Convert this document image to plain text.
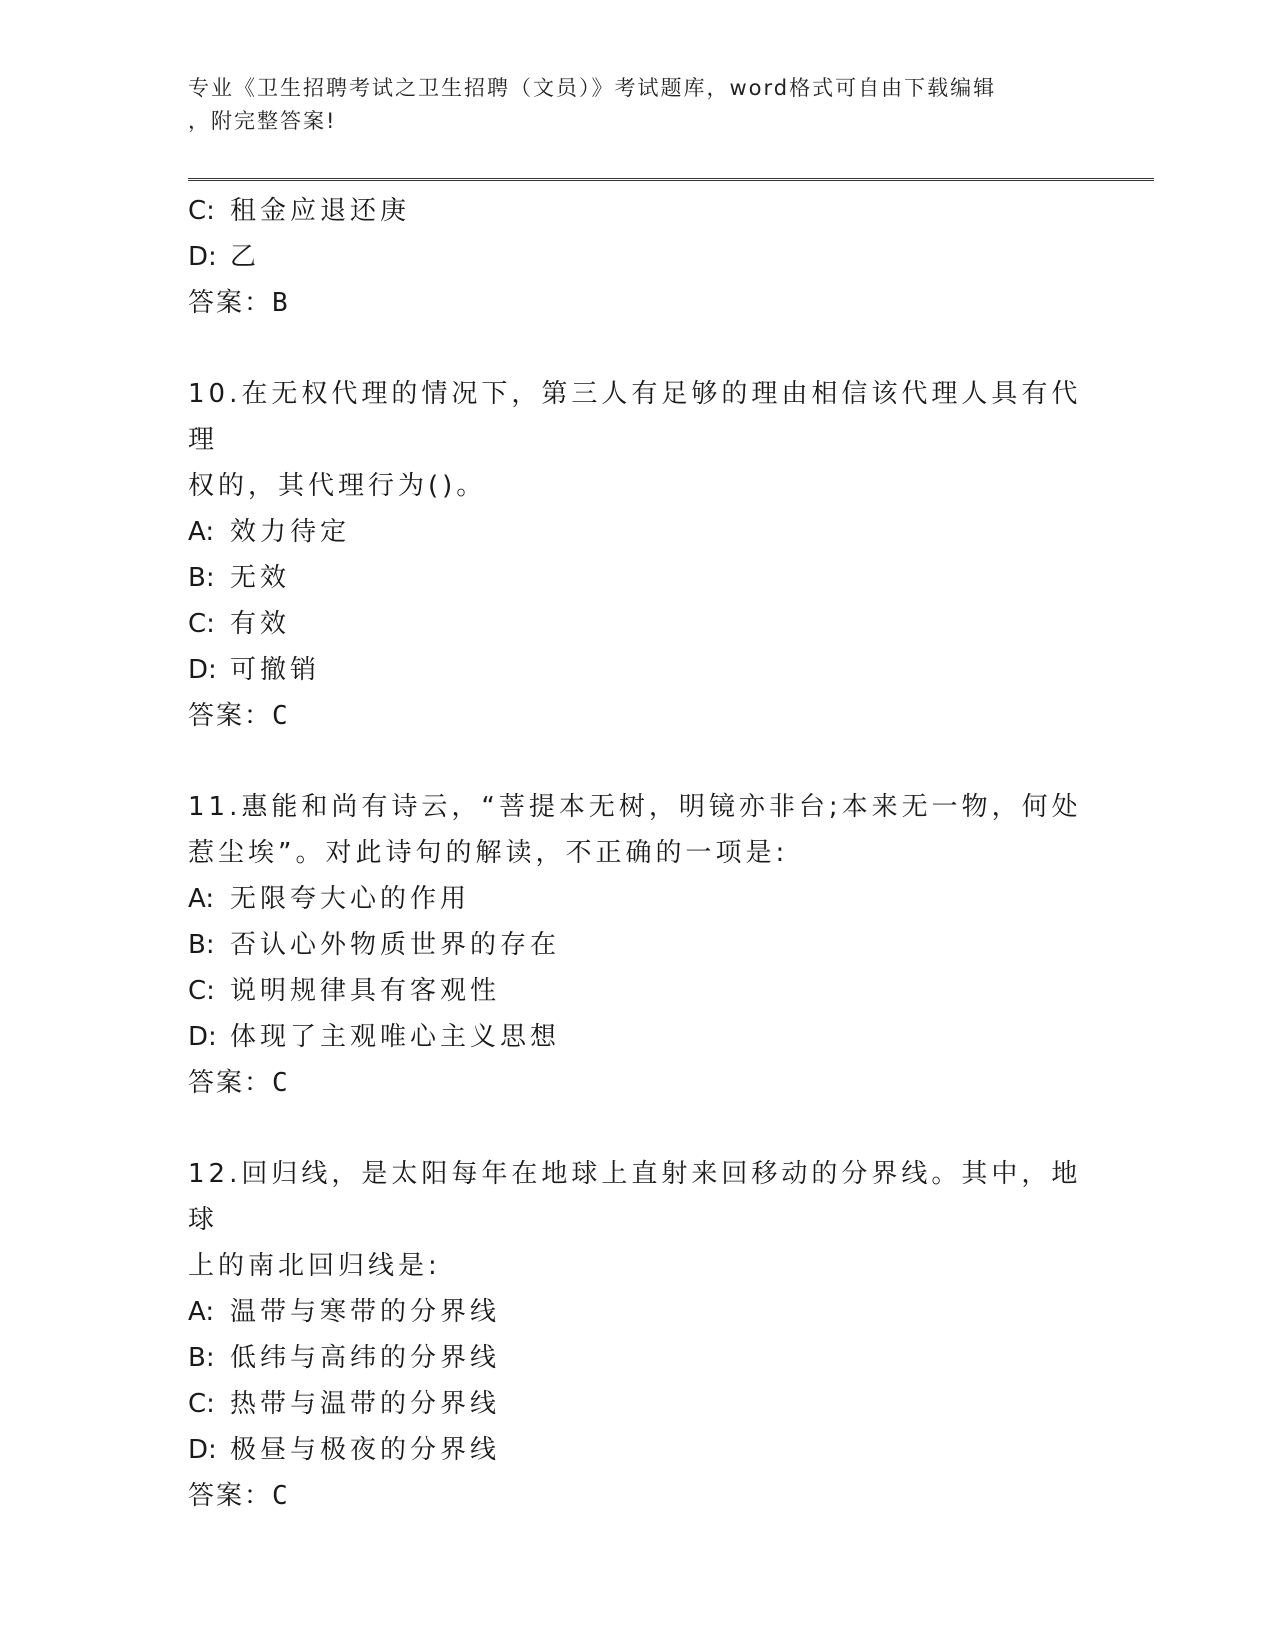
专业《卫生招聘考试之卫生招聘（文员）》考试题库，word格式可自由下载编辑
，附完整答案!
C: 租金应退还庚
D: 乙
答案：B
10.在无权代理的情况下，第三人有足够的理由相信该代理人具有代理
权的，其代理行为()。
A: 效力待定
B: 无效
C: 有效
D: 可撤销
答案：C
11.惠能和尚有诗云，“菩提本无树，明镜亦非台;本来无一物，何处
惹尘埃”。对此诗句的解读，不正确的一项是:
A: 无限夸大心的作用
B: 否认心外物质世界的存在
C: 说明规律具有客观性
D: 体现了主观唯心主义思想
答案：C
12.回归线，是太阳每年在地球上直射来回移动的分界线。其中，地球
上的南北回归线是:
A: 温带与寒带的分界线
B: 低纬与高纬的分界线
C: 热带与温带的分界线
D: 极昼与极夜的分界线
答案：C
